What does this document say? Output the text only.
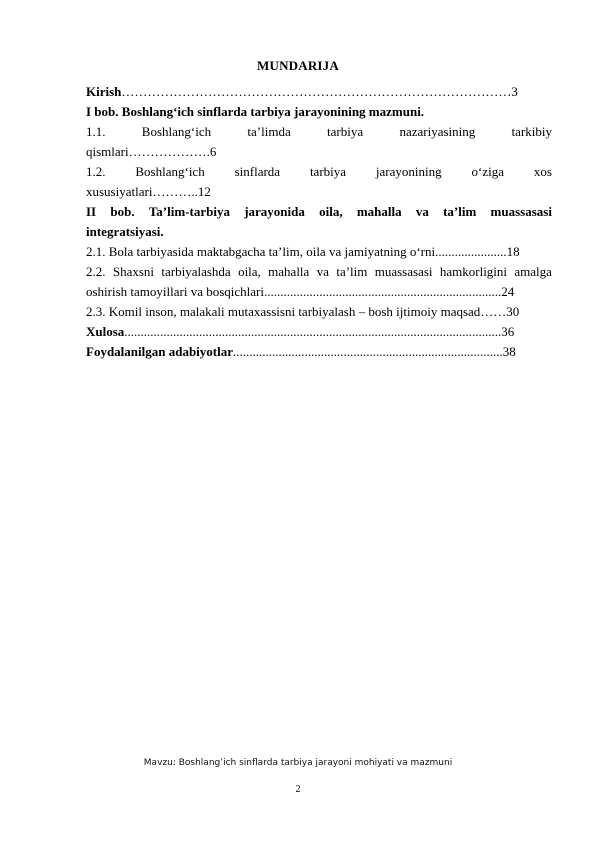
MUNDARIJA
Kirish………………………………………………………………………………3
I bob. Boshlang‘ich sinflarda tarbiya jarayonining mazmuni.
1.1.	Boshlang‘ich	ta’limda	tarbiya	nazariyasining	tarkibiy
qismlari……………….6
1.2. Boshlang‘ich sinflarda tarbiya jarayonining o‘ziga xos
xususiyatlari………..12
II bob. Ta’lim-tarbiya jarayonida oila, mahalla va ta’lim muassasasi
integratsiyasi.
2.1. Bola tarbiyasida maktabgacha ta’lim, oila va jamiyatning o‘rni......................18
2.2. Shaxsni tarbiyalashda oila, mahalla va ta’lim muassasasi hamkorligini amalga
oshirish tamoyillari va bosqichlari.........................................................................24
2.3. Komil inson, malakali mutaxassisni tarbiyalash – bosh ijtimoiy maqsad……30
Xulosa....................................................................................................................36
Foydalanilgan adabiyotlar...................................................................................38
Mavzu: Boshlang’ich sinflarda tarbiya jarayoni mohiyati va mazmuni
2
